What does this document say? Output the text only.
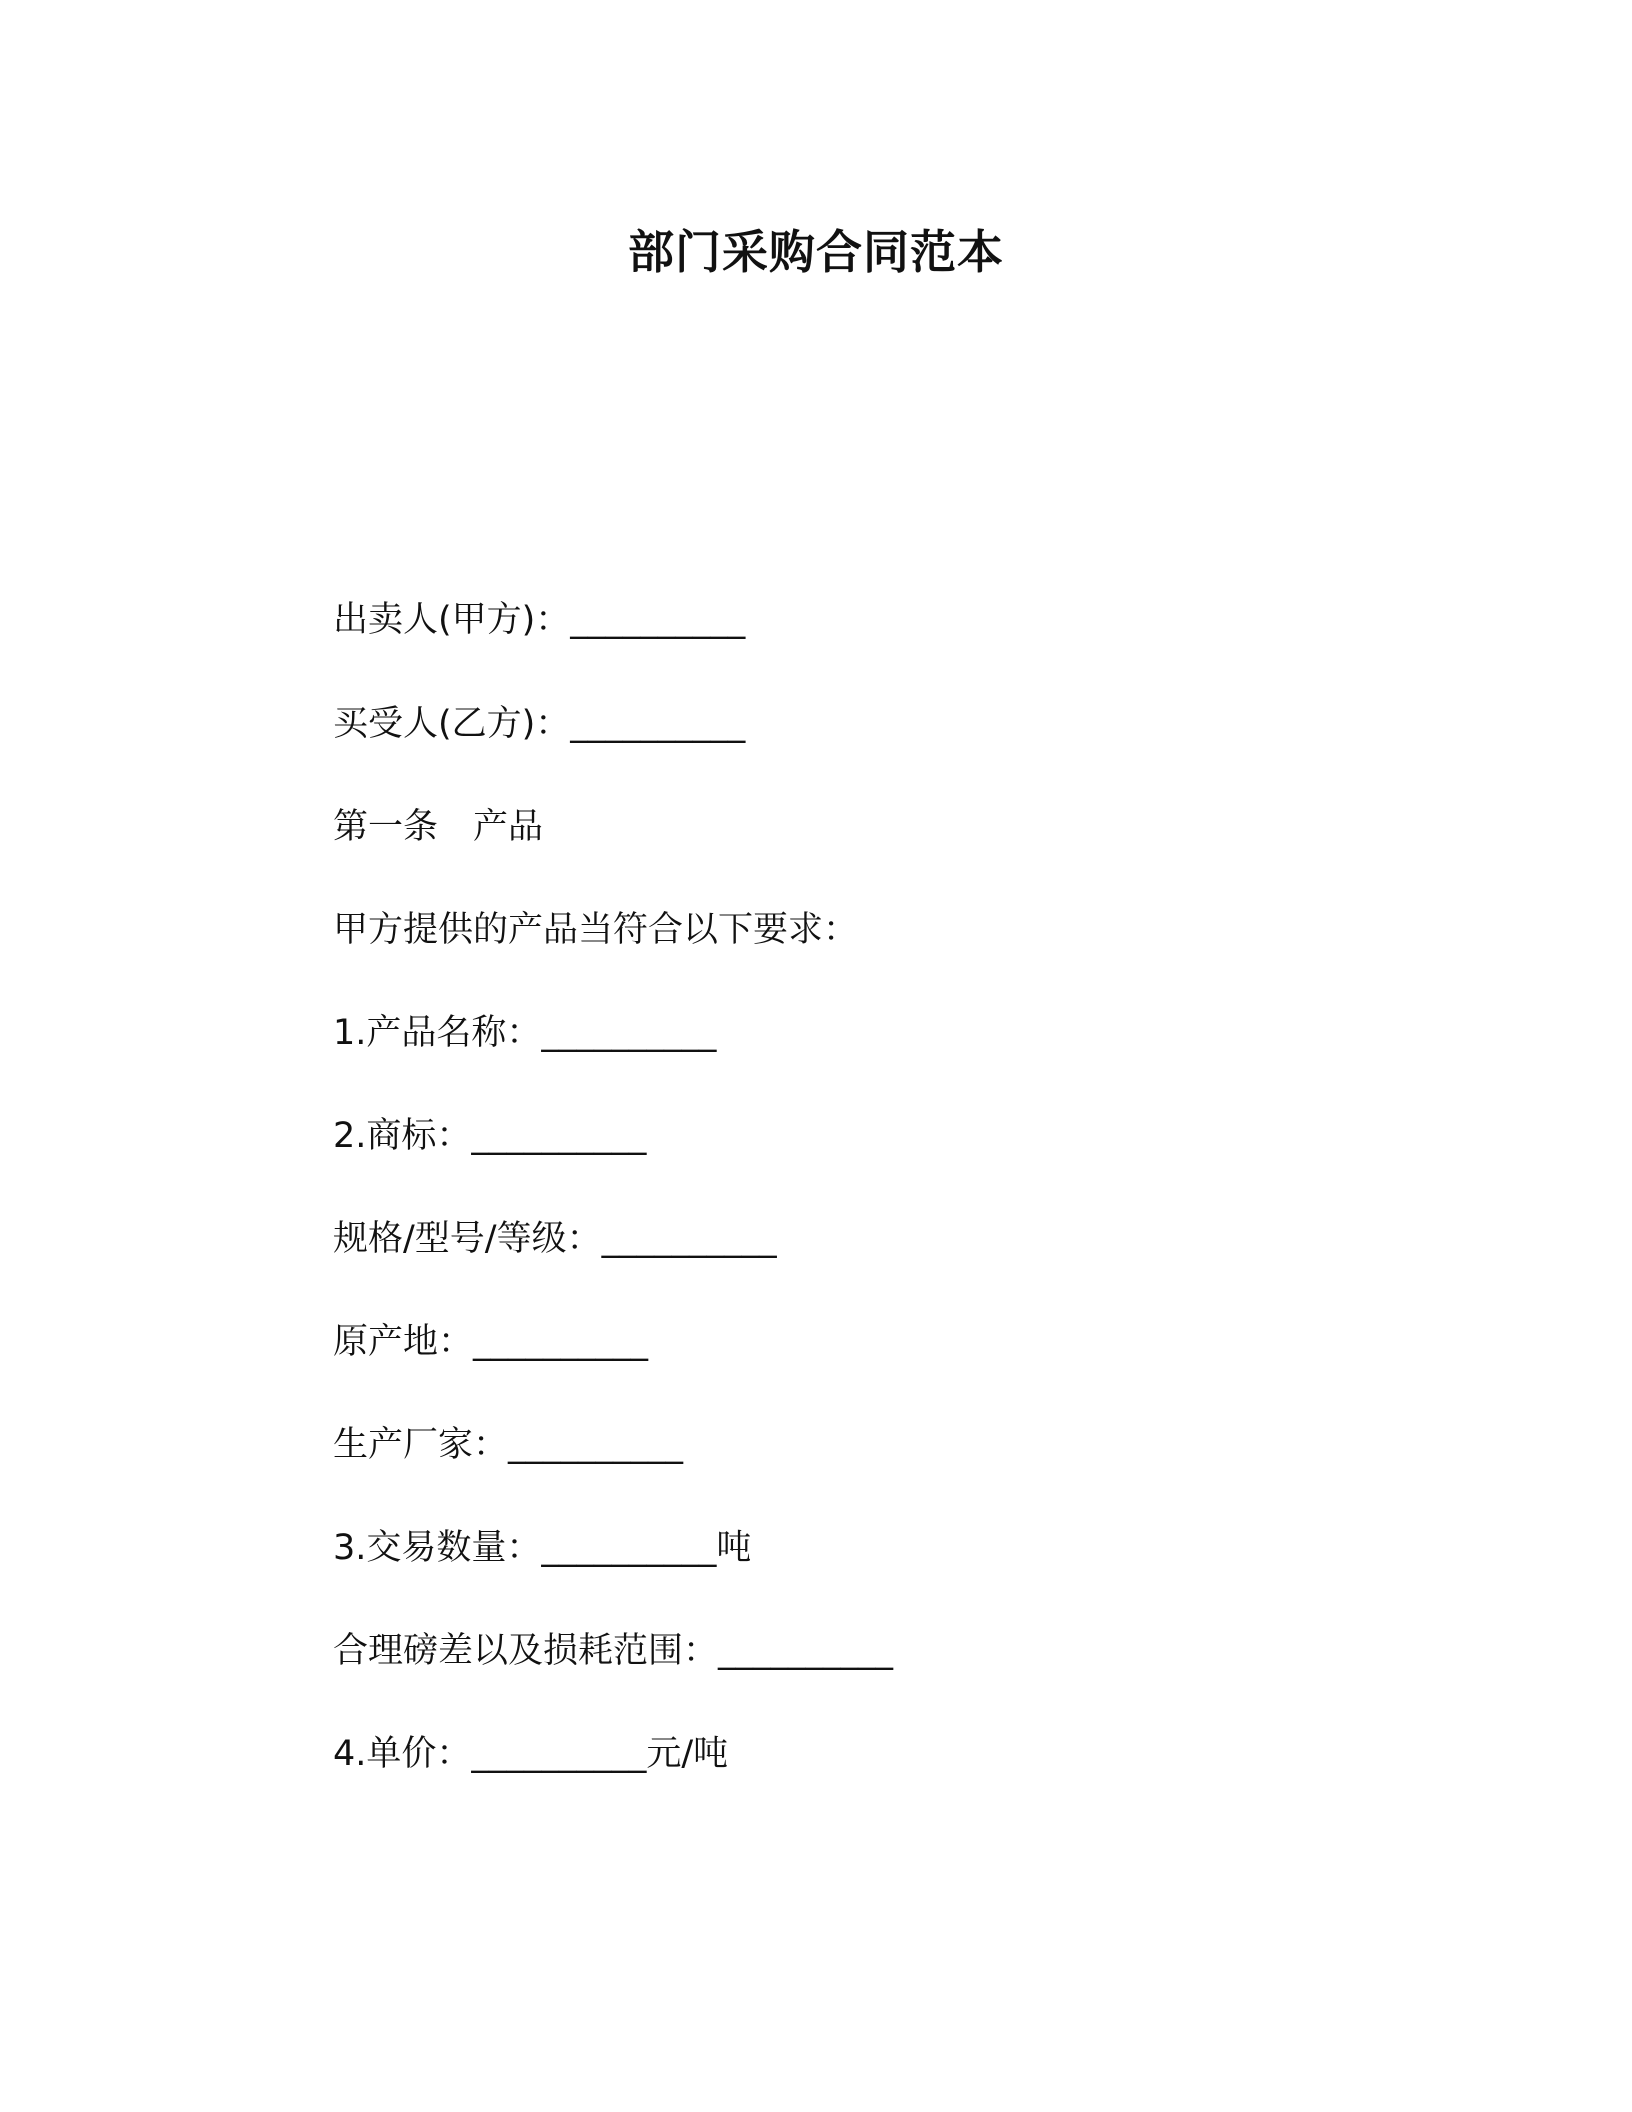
部门采购合同范本
出卖人(甲方)：__________
买受人(乙方)：__________
第一条　产品
甲方提供的产品当符合以下要求：
1.产品名称：__________
2.商标：__________
规格/型号/等级：__________
原产地：__________
生产厂家：__________
3.交易数量：__________吨
合理磅差以及损耗范围：__________
4.单价：__________元/吨
